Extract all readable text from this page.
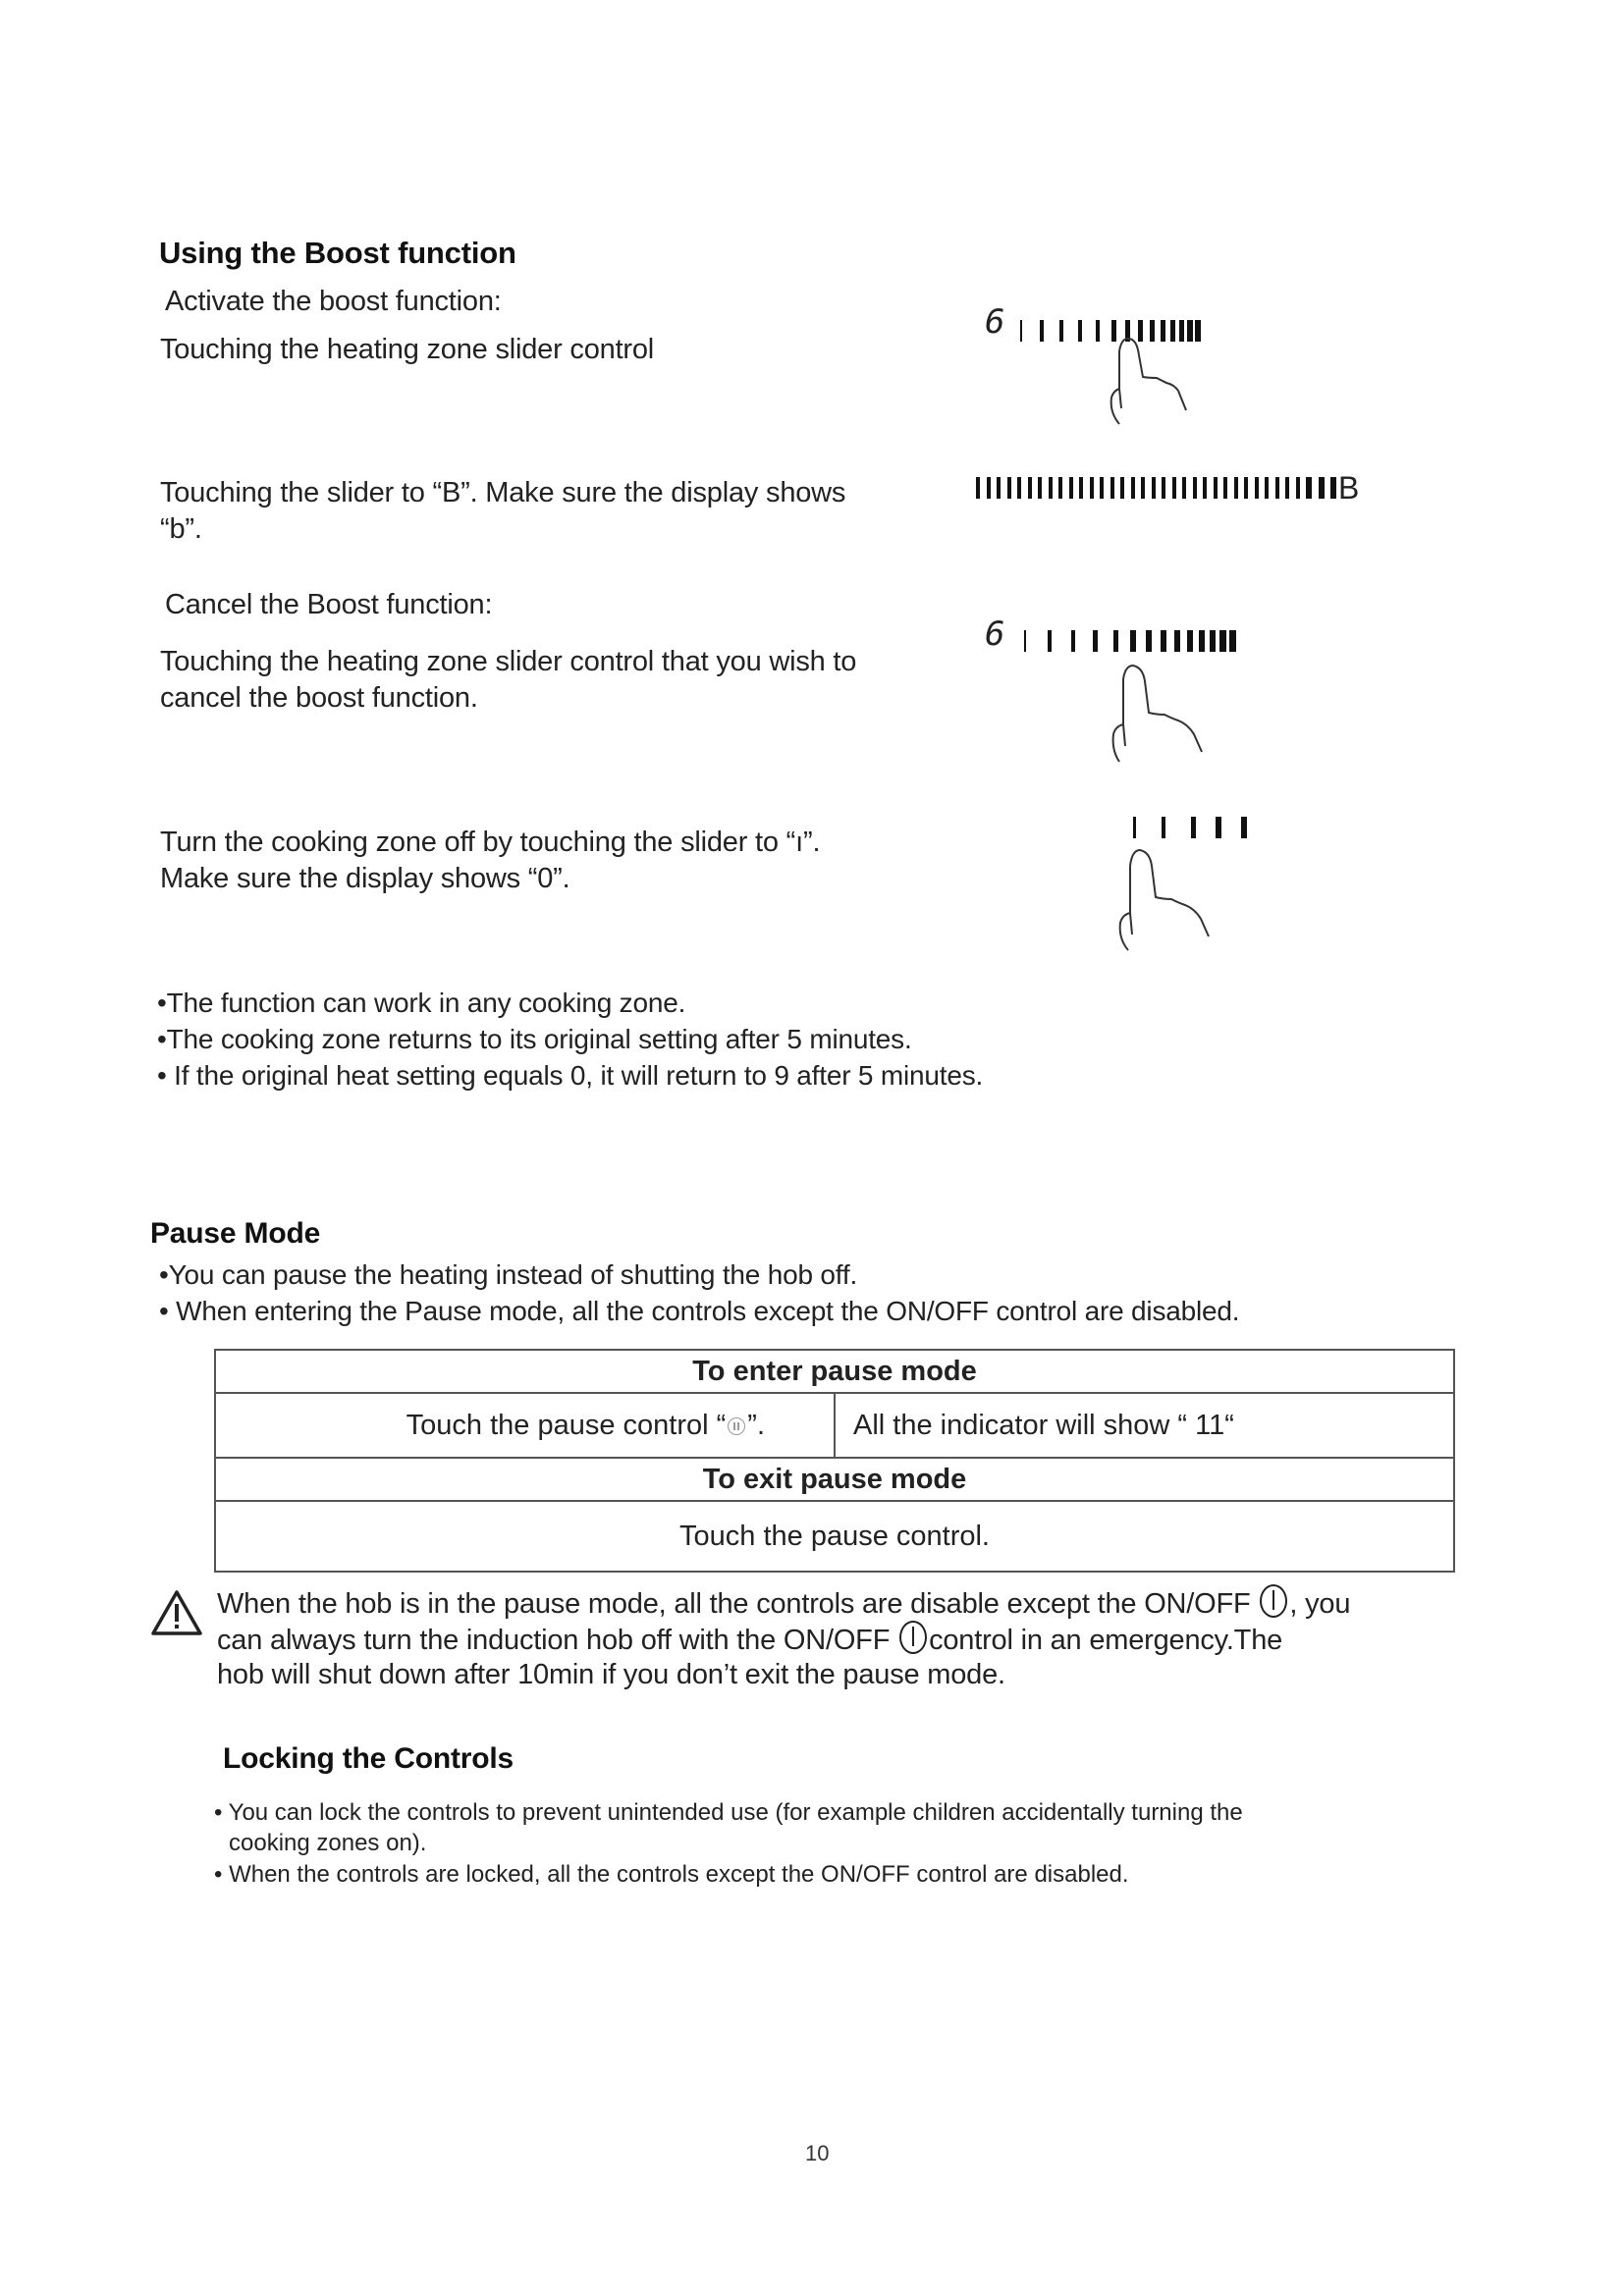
Using the Boost function
Activate the boost function:
Touching the heating zone slider control
6
Touching the slider to “B”. Make sure the display shows
“b”.
B
Cancel the Boost function:
Touching the heating zone slider control that you wish to
cancel the boost function.
6
Turn the cooking zone off by touching the slider to “ı”.
Make sure the display shows “0”.
•The function can work in any cooking zone.
•The cooking zone returns to its original setting after 5 minutes.
• If the original heat setting equals 0, it will return to 9 after 5 minutes.
Pause Mode
•You can pause the heating instead of shutting the hob off.
• When entering the Pause mode, all the controls except the ON/OFF control are disabled.
To enter pause mode
Touch the pause control “ ”.	All the indicator will show “ 11“
To exit pause mode
Touch the pause control.
When the hob is in the pause mode, all the controls are disable except the ON/OFF , you
can always turn the induction hob off with the ON/OFF control in an emergency.The
hob will shut down after 10min if you don’t exit the pause mode.
Locking the Controls
• You can lock the controls to prevent unintended use (for example children accidentally turning the
cooking zones on).
• When the controls are locked, all the controls except the ON/OFF control are disabled.
10
